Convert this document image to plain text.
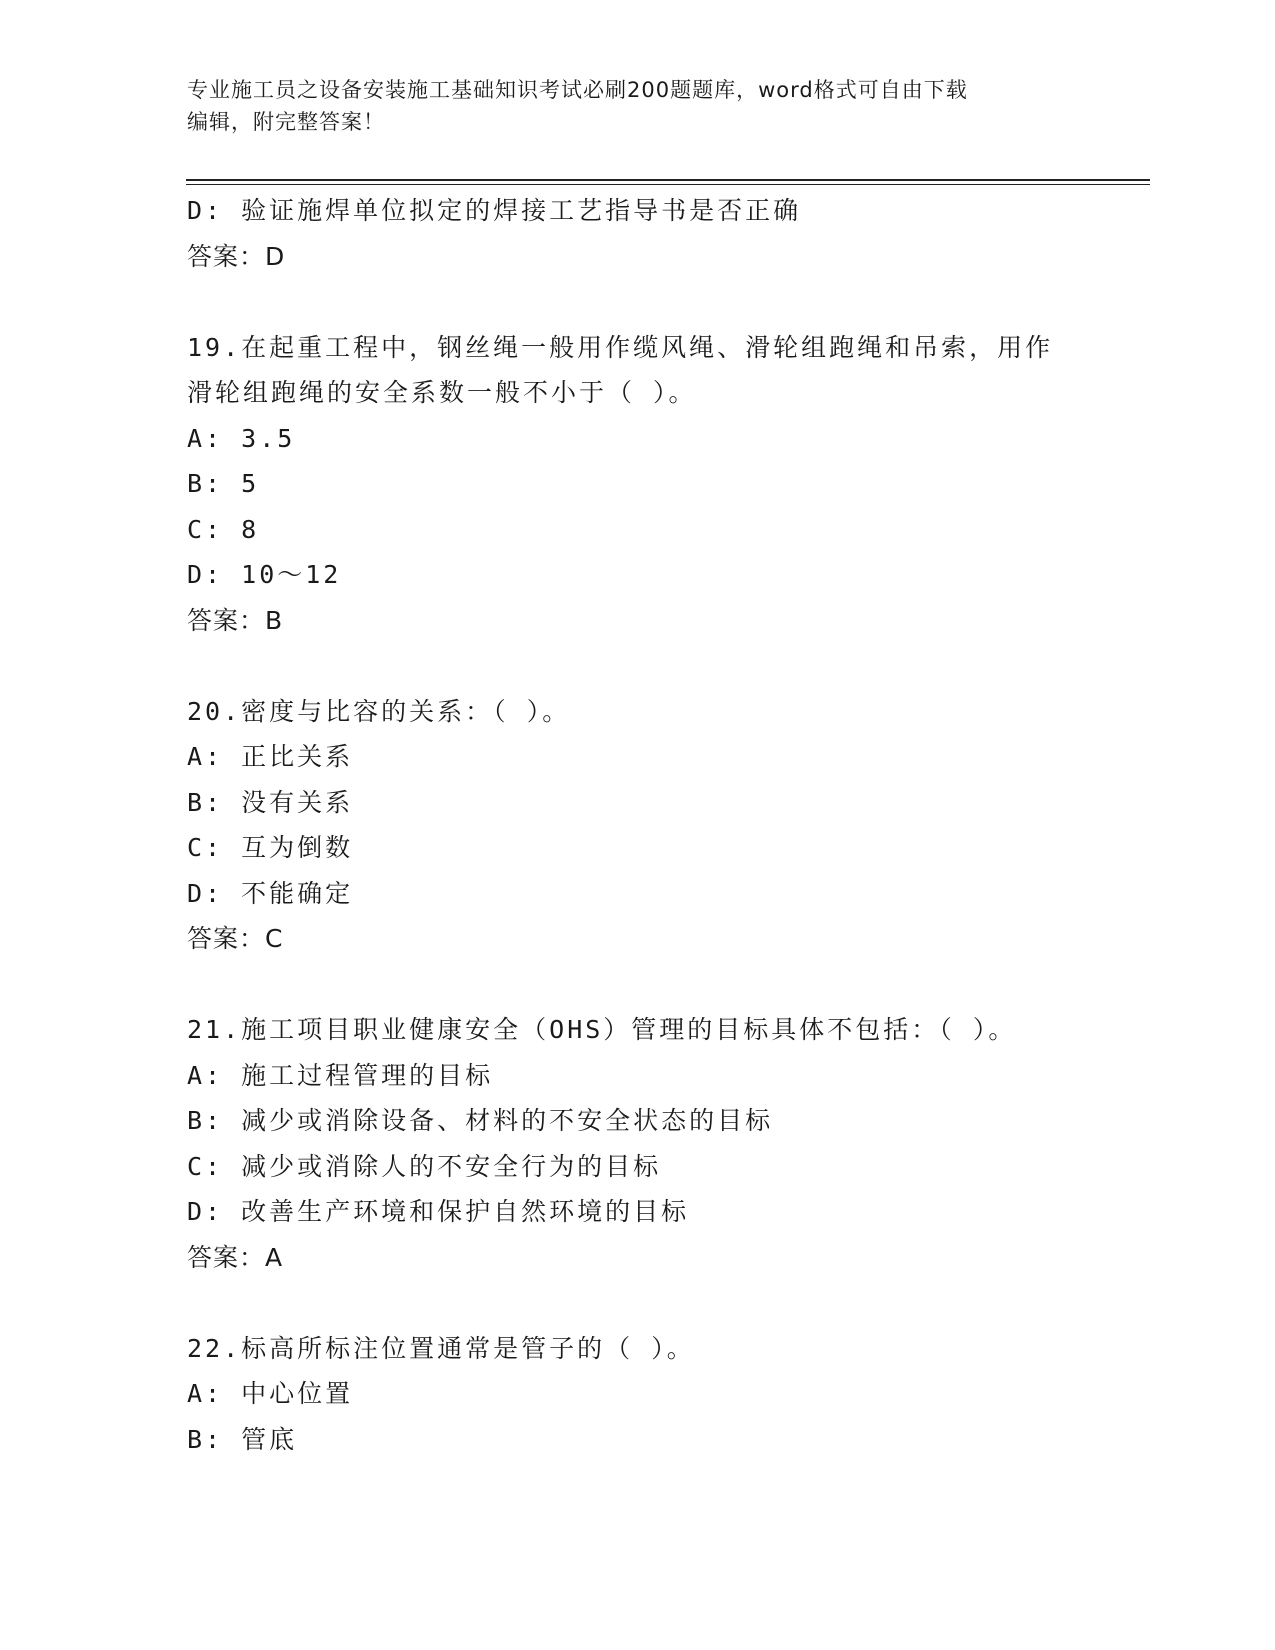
专业施工员之设备安装施工基础知识考试必刷200题题库，word格式可自由下载
编辑，附完整答案！
D: 验证施焊单位拟定的焊接工艺指导书是否正确
答案：D
19.在起重工程中，钢丝绳一般用作缆风绳、滑轮组跑绳和吊索，用作
滑轮组跑绳的安全系数一般不小于（ ）。
A: 3.5
B: 5
C: 8
D: 10～12
答案：B
20.密度与比容的关系：（ ）。
A: 正比关系
B: 没有关系
C: 互为倒数
D: 不能确定
答案：C
21.施工项目职业健康安全（OHS）管理的目标具体不包括：（ ）。
A: 施工过程管理的目标
B: 减少或消除设备、材料的不安全状态的目标
C: 减少或消除人的不安全行为的目标
D: 改善生产环境和保护自然环境的目标
答案：A
22.标高所标注位置通常是管子的（ ）。
A: 中心位置
B: 管底
